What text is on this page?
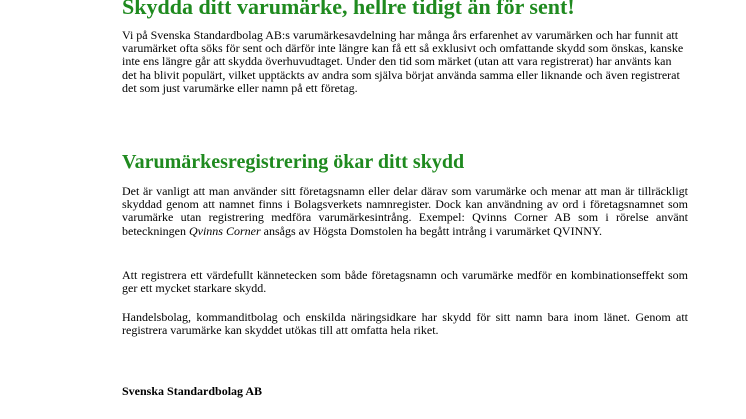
Skydda ditt varumärke, hellre tidigt än för sent!

Vi på Svenska Standardbolag AB:s varumärkesavdelning har många års erfarenhet av varumärken och har funnit att varumärket ofta söks för sent och därför inte längre kan få ett så exklusivt och omfattande skydd som önskas, kanske inte ens längre går att skydda överhuvudtaget. Under den tid som märket (utan att vara registrerat) har använts kan det ha blivit populärt, vilket upptäckts av andra som själva börjat använda samma eller liknande och även registrerat det som just varumärke eller namn på ett företag.

Varumärkesregistrering ökar ditt skydd

Det är vanligt att man använder sitt företagsnamn eller delar därav som varumärke och menar att man är tillräckligt skyddad genom att namnet finns i Bolagsverkets namnregister. Dock kan användning av ord i företagsnamnet som varumärke utan registrering medföra varumärkesintrång. Exempel: Qvinns Corner AB som i rörelse använt beteckningen Qvinns Corner ansågs av Högsta Domstolen ha begått intrång i varumärket QVINNY.

Att registrera ett värdefullt kännetecken som både företagsnamn och varumärke medför en kombinationseffekt som ger ett mycket starkare skydd.

Handelsbolag, kommanditbolag och enskilda näringsidkare har skydd för sitt namn bara inom länet. Genom att registrera varumärke kan skyddet utökas till att omfatta hela riket.

Svenska Standardbolag AB
